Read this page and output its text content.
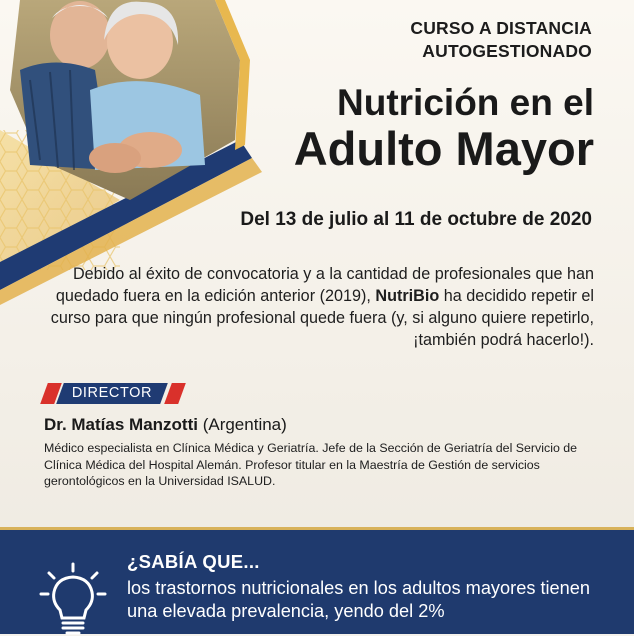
CURSO A DISTANCIA
AUTOGESTIONADO
Nutrición en el
Adulto Mayor
Del 13 de julio al 11 de octubre de 2020
Debido al éxito de convocatoria y a la cantidad de profesionales que han quedado fuera en la edición anterior (2019), NutriBio ha decidido repetir el curso para que ningún profesional quede fuera (y, si alguno quiere repetirlo, ¡también podrá hacerlo!).
DIRECTOR
Dr. Matías Manzotti (Argentina)
Médico especialista en Clínica Médica y Geriatría. Jefe de la Sección de Geriatría del Servicio de Clínica Médica del Hospital Alemán. Profesor titular en la Maestría de Gestión de servicios gerontológicos en la Universidad ISALUD.
¿SABÍA QUE...
los trastornos nutricionales en los adultos mayores tienen una elevada prevalencia, yendo del 2%
